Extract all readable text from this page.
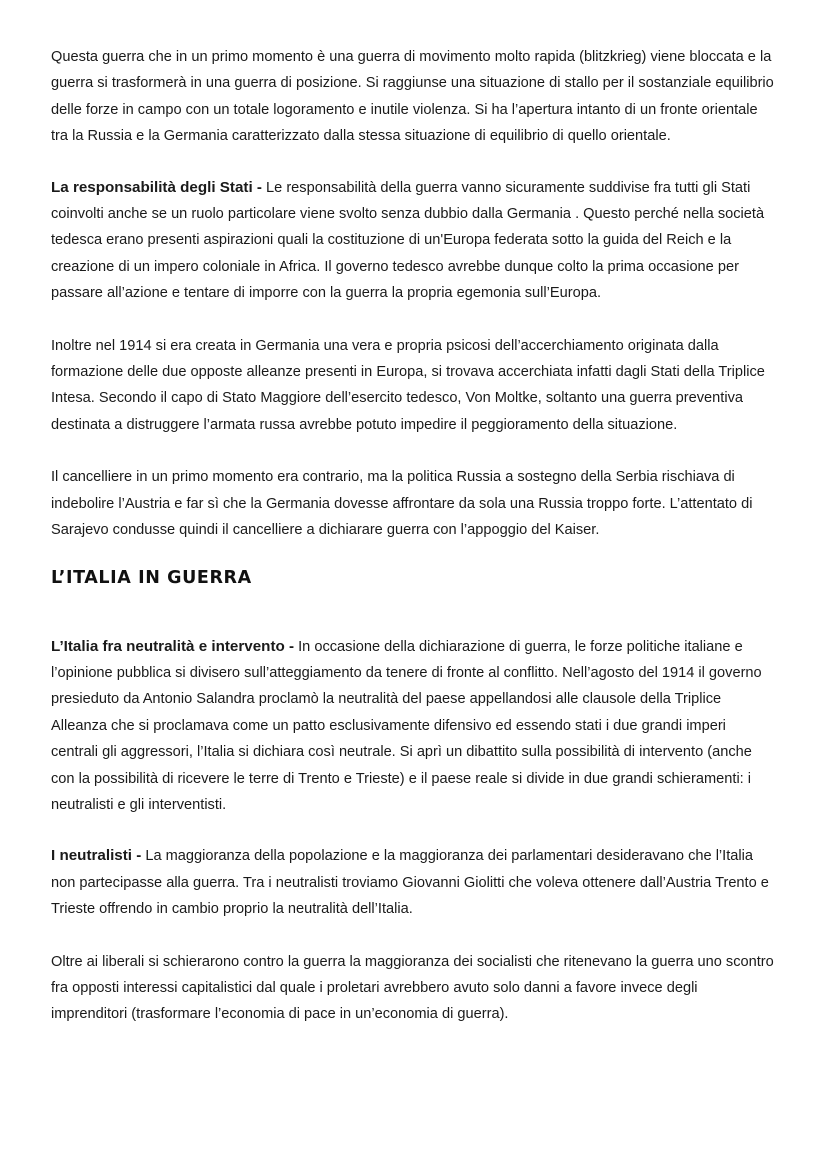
Questa guerra che in un primo momento è una guerra di movimento molto rapida (blitzkrieg) viene bloccata e la guerra si trasformerà in una guerra di posizione. Si raggiunse una situazione di stallo per il sostanziale equilibrio delle forze in campo con un totale logoramento e inutile violenza. Si ha l’apertura intanto di un fronte orientale tra la Russia e la Germania caratterizzato dalla stessa situazione di equilibrio di quello orientale.

La responsabilità degli Stati - Le responsabilità della guerra vanno sicuramente suddivise fra tutti gli Stati coinvolti anche se un ruolo particolare viene svolto senza dubbio dalla Germania . Questo perché nella società tedesca erano presenti aspirazioni quali la costituzione di un'Europa federata sotto la guida del Reich e la creazione di un impero coloniale in Africa. Il governo tedesco avrebbe dunque colto la prima occasione per passare all’azione e tentare di imporre con la guerra la propria egemonia sull’Europa.

Inoltre nel 1914 si era creata in Germania una vera e propria psicosi dell’accerchiamento originata dalla formazione delle due opposte alleanze presenti in Europa, si trovava accerchiata infatti dagli Stati della Triplice Intesa. Secondo il capo di Stato Maggiore dell’esercito tedesco, Von Moltke, soltanto una guerra preventiva destinata a distruggere l’armata russa avrebbe potuto impedire il peggioramento della situazione.

Il cancelliere in un primo momento era contrario, ma la politica Russia a sostegno della Serbia rischiava di indebolire l’Austria e far sì che la Germania dovesse affrontare da sola una Russia troppo forte. L’attentato di Sarajevo condusse quindi il cancelliere a dichiarare guerra con l’appoggio del Kaiser.

L’ITALIA IN GUERRA

L’Italia fra neutralità e intervento - In occasione della dichiarazione di guerra, le forze politiche italiane e l’opinione pubblica si divisero sull’atteggiamento da tenere di fronte al conflitto. Nell’agosto del 1914 il governo presieduto da Antonio Salandra proclamò la neutralità del paese appellandosi alle clausole della Triplice Alleanza che si proclamava come un patto esclusivamente difensivo ed essendo stati i due grandi imperi centrali gli aggressori, l’Italia si dichiara così neutrale. Si aprì un dibattito sulla possibilità di intervento (anche con la possibilità di ricevere le terre di Trento e Trieste) e il paese reale si divide in due grandi schieramenti: i neutralisti e gli interventisti.

I neutralisti - La maggioranza della popolazione e la maggioranza dei parlamentari desideravano che l’Italia non partecipasse alla guerra. Tra i neutralisti troviamo Giovanni Giolitti che voleva ottenere dall’Austria Trento e Trieste offrendo in cambio proprio la neutralità dell’Italia.

Oltre ai liberali si schierarono contro la guerra la maggioranza dei socialisti che ritenevano la guerra uno scontro fra opposti interessi capitalistici dal quale i proletari avrebbero avuto solo danni a favore invece degli imprenditori (trasformare l’economia di pace in un’economia di guerra).
